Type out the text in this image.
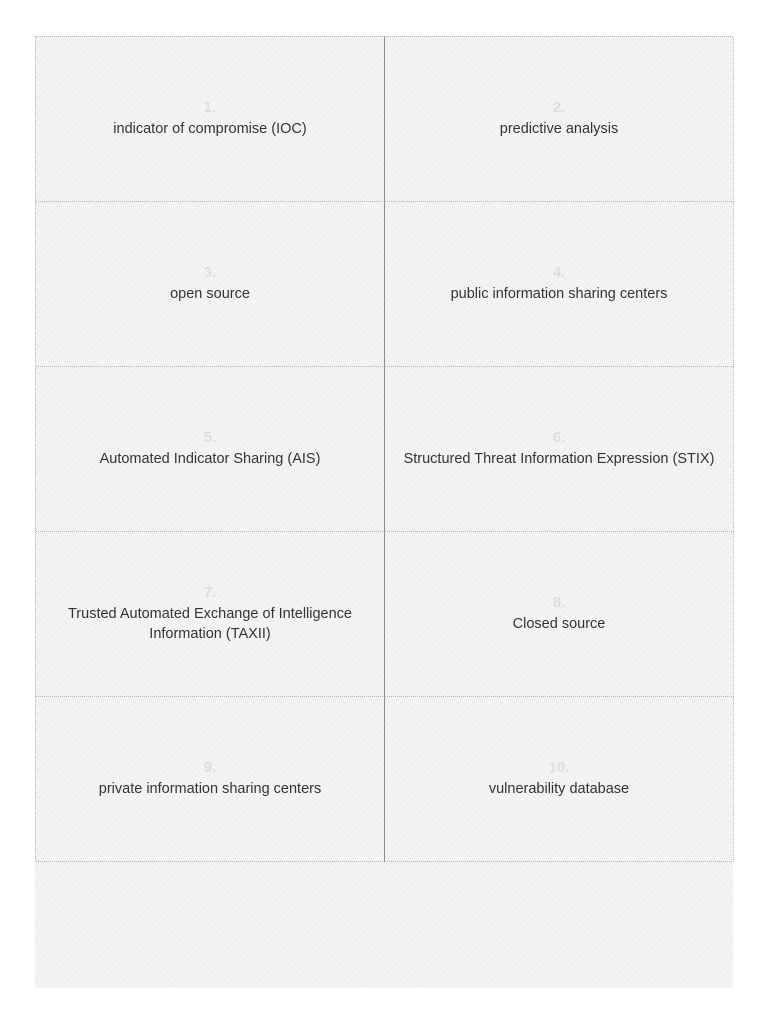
1.
indicator of compromise (IOC)
2.
predictive analysis
3.
open source
4.
public information sharing centers
5.
Automated Indicator Sharing (AIS)
6.
Structured Threat Information Expression (STIX)
7.
Trusted Automated Exchange of Intelligence Information (TAXII)
8.
Closed source
9.
private information sharing centers
10.
vulnerability database
